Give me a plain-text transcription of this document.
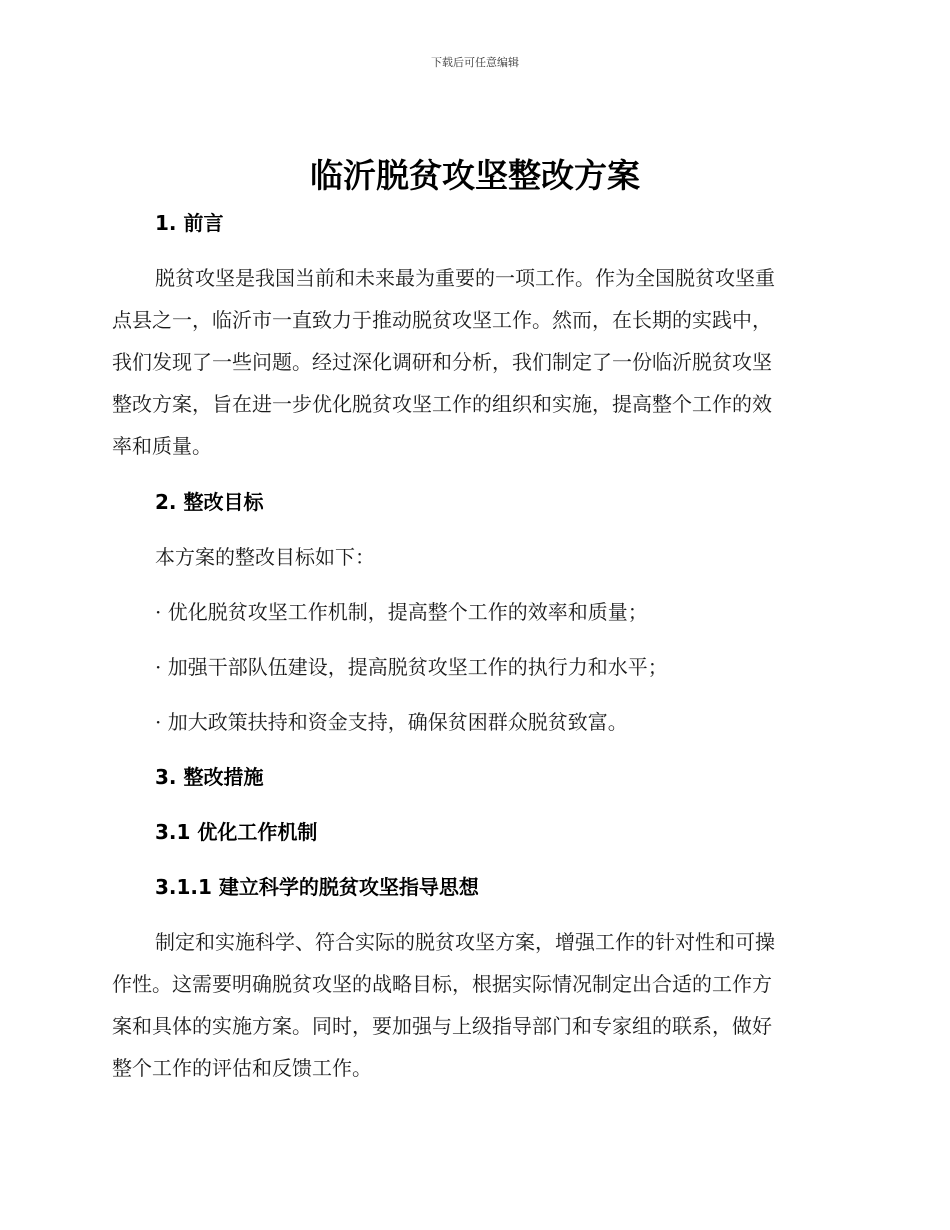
下载后可任意编辑
临沂脱贫攻坚整改方案
1. 前言
脱贫攻坚是我国当前和未来最为重要的一项工作。作为全国脱贫攻坚重
点县之一，临沂市一直致力于推动脱贫攻坚工作。然而，在长期的实践中，
我们发现了一些问题。经过深化调研和分析，我们制定了一份临沂脱贫攻坚
整改方案，旨在进一步优化脱贫攻坚工作的组织和实施，提高整个工作的效
率和质量。
2. 整改目标
本方案的整改目标如下：
· 优化脱贫攻坚工作机制，提高整个工作的效率和质量；
· 加强干部队伍建设，提高脱贫攻坚工作的执行力和水平；
· 加大政策扶持和资金支持，确保贫困群众脱贫致富。
3. 整改措施
3.1 优化工作机制
3.1.1 建立科学的脱贫攻坚指导思想
制定和实施科学、符合实际的脱贫攻坚方案，增强工作的针对性和可操
作性。这需要明确脱贫攻坚的战略目标，根据实际情况制定出合适的工作方
案和具体的实施方案。同时，要加强与上级指导部门和专家组的联系，做好
整个工作的评估和反馈工作。
